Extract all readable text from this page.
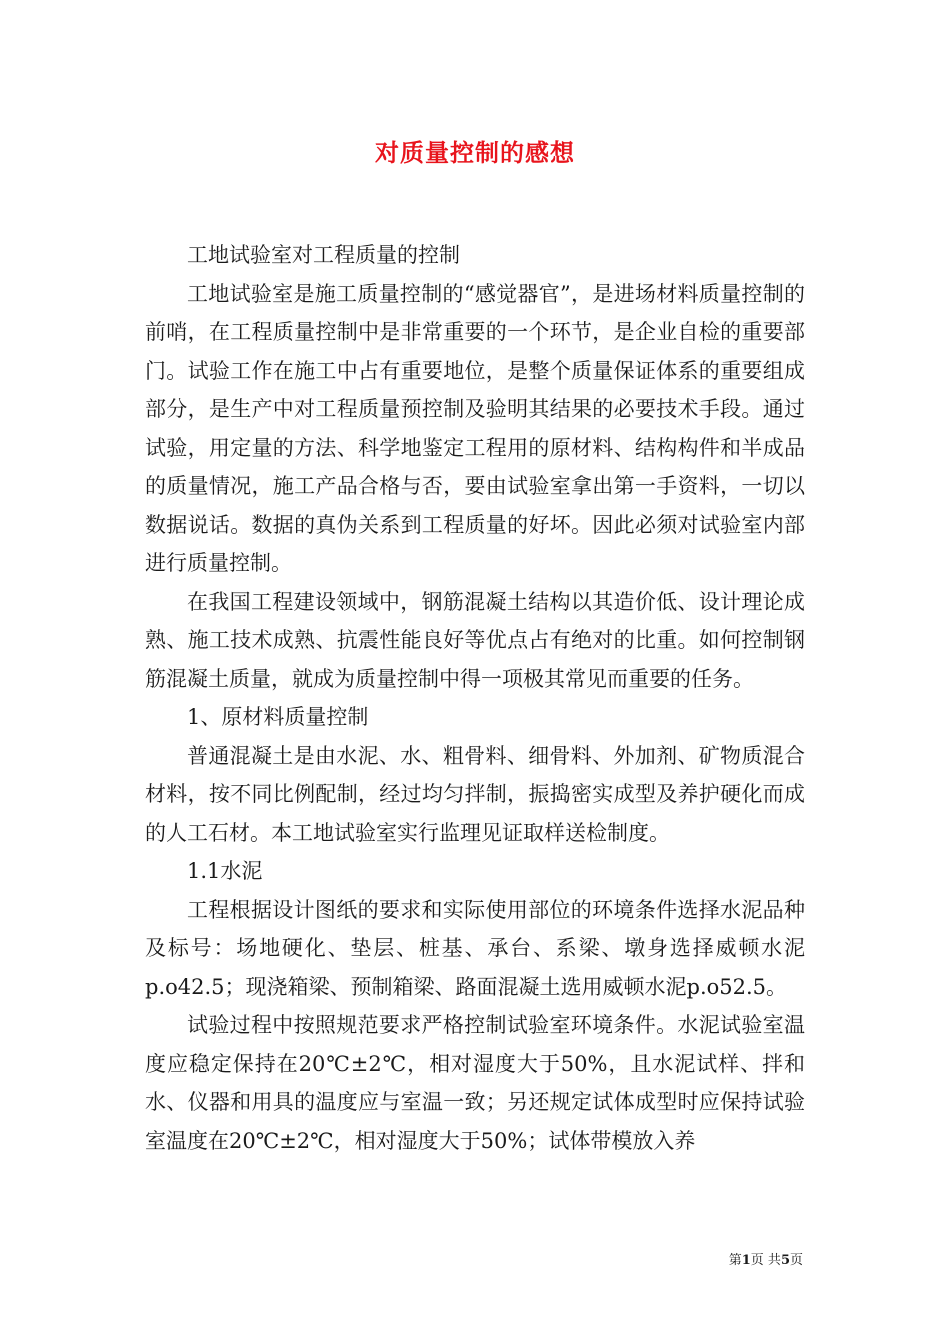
对质量控制的感想

工地试验室对工程质量的控制

工地试验室是施工质量控制的“感觉器官”，是进场材料质量控制的前哨，在工程质量控制中是非常重要的一个环节，是企业自检的重要部门。试验工作在施工中占有重要地位，是整个质量保证体系的重要组成部分，是生产中对工程质量预控制及验明其结果的必要技术手段。通过试验，用定量的方法、科学地鉴定工程用的原材料、结构构件和半成品的质量情况，施工产品合格与否，要由试验室拿出第一手资料，一切以数据说话。数据的真伪关系到工程质量的好坏。因此必须对试验室内部进行质量控制。

在我国工程建设领域中，钢筋混凝土结构以其造价低、设计理论成熟、施工技术成熟、抗震性能良好等优点占有绝对的比重。如何控制钢筋混凝土质量，就成为质量控制中得一项极其常见而重要的任务。

1、原材料质量控制

普通混凝土是由水泥、水、粗骨料、细骨料、外加剂、矿物质混合材料，按不同比例配制，经过均匀拌制，振捣密实成型及养护硬化而成的人工石材。本工地试验室实行监理见证取样送检制度。

1.1水泥

工程根据设计图纸的要求和实际使用部位的环境条件选择水泥品种及标号：场地硬化、垫层、桩基、承台、系梁、墩身选择威顿水泥p.o42.5；现浇箱梁、预制箱梁、路面混凝土选用威顿水泥p.o52.5。

试验过程中按照规范要求严格控制试验室环境条件。水泥试验室温度应稳定保持在20℃±2℃，相对湿度大于50%，且水泥试样、拌和水、仪器和用具的温度应与室温一致；另还规定试体成型时应保持试验室温度在20℃±2℃，相对湿度大于50%；试体带模放入养

第1页 共5页
